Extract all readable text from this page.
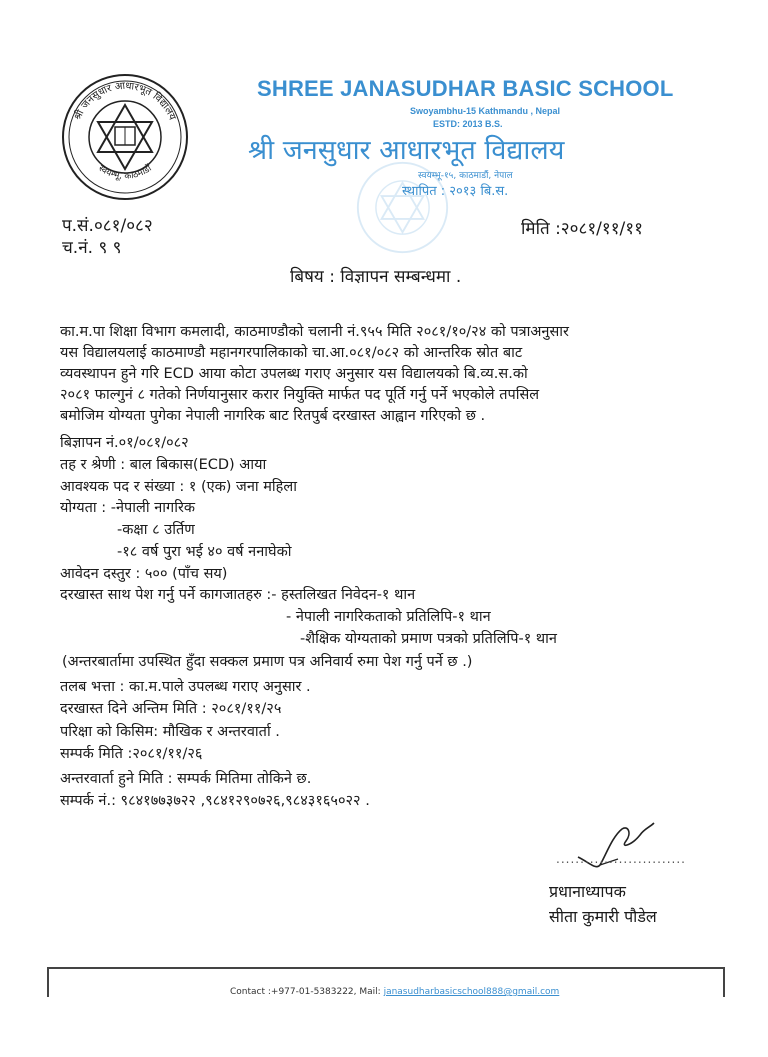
श्री जनसुधार आधारभूत विद्यालय
स्वयम्भू, काठमाडौं
SHREE JANASUDHAR BASIC SCHOOL
Swoyambhu-15 Kathmandu , Nepal
ESTD: 2013 B.S.
श्री जनसुधार आधारभूत विद्यालय
स्वयम्भू-१५, काठमाडौं, नेपाल
स्थापित : २०१३ बि.स.
प.सं.०८१/०८२
च.नं. ९ ९
मिति :२०८१/११/११
बिषय : विज्ञापन सम्बन्धमा .
का.म.पा शिक्षा विभाग कमलादी, काठमाण्डौको चलानी नं.९५५ मिति २०८१/१०/२४ को पत्राअनुसार
यस विद्यालयलाई काठमाण्डौ महानगरपालिकाको चा.आ.०८१/०८२ को आन्तरिक स्रोत बाट
व्यवस्थापन हुने गरि ECD आया कोटा उपलब्ध गराए अनुसार यस विद्यालयको बि.व्य.स.को
२०८१ फाल्गुनं ८ गतेको निर्णयानुसार करार नियुक्ति मार्फत पद पूर्ति गर्नु पर्ने भएकोले तपसिल
बमोजिम योग्यता पुगेका नेपाली नागरिक बाट रितपुर्ब दरखास्त आह्वान गरिएको छ .
बिज्ञापन नं.०१/०८१/०८२
तह र श्रेणी : बाल बिकास(ECD) आया
आवश्यक पद र संख्या : १ (एक) जना महिला
योग्यता : -नेपाली नागरिक
-कक्षा ८ उर्तिण
-१८ वर्ष पुरा भई ४० वर्ष ननाघेको
आवेदन दस्तुर : ५०० (पाँच सय)
दरखास्त साथ पेश गर्नु पर्ने कागजातहरु :- हस्तलिखत निवेदन-१ थान
- नेपाली नागरिकताको प्रतिलिपि-१ थान
-शैक्षिक योग्यताको प्रमाण पत्रको प्रतिलिपि-१ थान
(अन्तरबार्तामा उपस्थित हुँदा सक्कल प्रमाण पत्र अनिवार्य रुमा पेश गर्नु पर्ने छ .)
तलब भत्ता : का.म.पाले उपलब्ध गराए अनुसार .
दरखास्त दिने अन्तिम मिति : २०८१/११/२५
परिक्षा को किसिम: मौखिक र अन्तरवार्ता .
सम्पर्क मिति :२०८१/११/२६
अन्तरवार्ता हुने मिति : सम्पर्क मितिमा तोकिने छ.
सम्पर्क नं.: ९८४१७७३७२२ ,९८४१२९०७२६,९८४३१६५०२२ .
...........................
प्रधानाध्यापक
सीता कुमारी पौडेल
Contact :+977-01-5383222, Mail: janasudharbasicschool888@gmail.com
